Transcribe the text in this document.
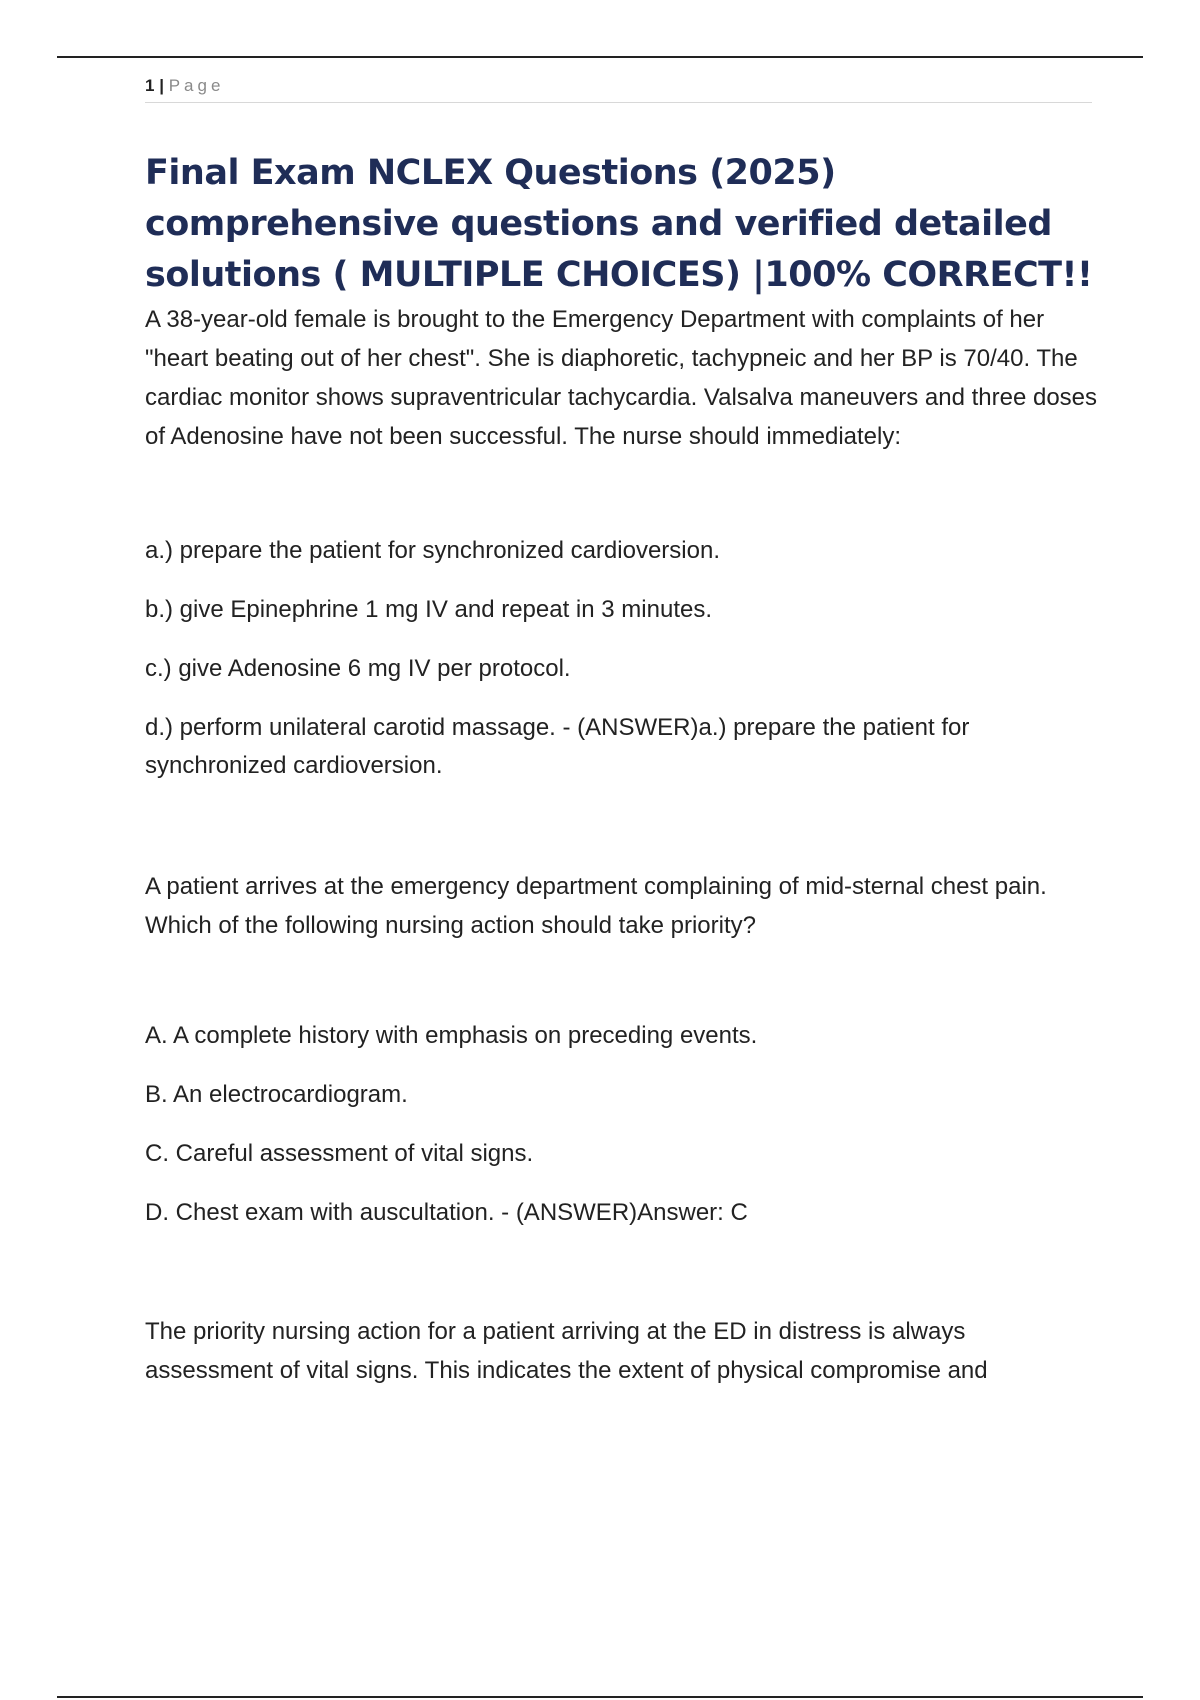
1 | Page
Final Exam NCLEX Questions (2025) comprehensive questions and verified detailed solutions ( MULTIPLE CHOICES) |100% CORRECT!!

A 38-year-old female is brought to the Emergency Department with complaints of her "heart beating out of her chest". She is diaphoretic, tachypneic and her BP is 70/40. The cardiac monitor shows supraventricular tachycardia. Valsalva maneuvers and three doses of Adenosine have not been successful. The nurse should immediately:

a.) prepare the patient for synchronized cardioversion.

b.) give Epinephrine 1 mg IV and repeat in 3 minutes.

c.) give Adenosine 6 mg IV per protocol.

d.) perform unilateral carotid massage. - (ANSWER)a.) prepare the patient for synchronized cardioversion.

A patient arrives at the emergency department complaining of mid-sternal chest pain. Which of the following nursing action should take priority?

A. A complete history with emphasis on preceding events.

B. An electrocardiogram.

C. Careful assessment of vital signs.

D. Chest exam with auscultation. - (ANSWER)Answer: C

The priority nursing action for a patient arriving at the ED in distress is always assessment of vital signs. This indicates the extent of physical compromise and
